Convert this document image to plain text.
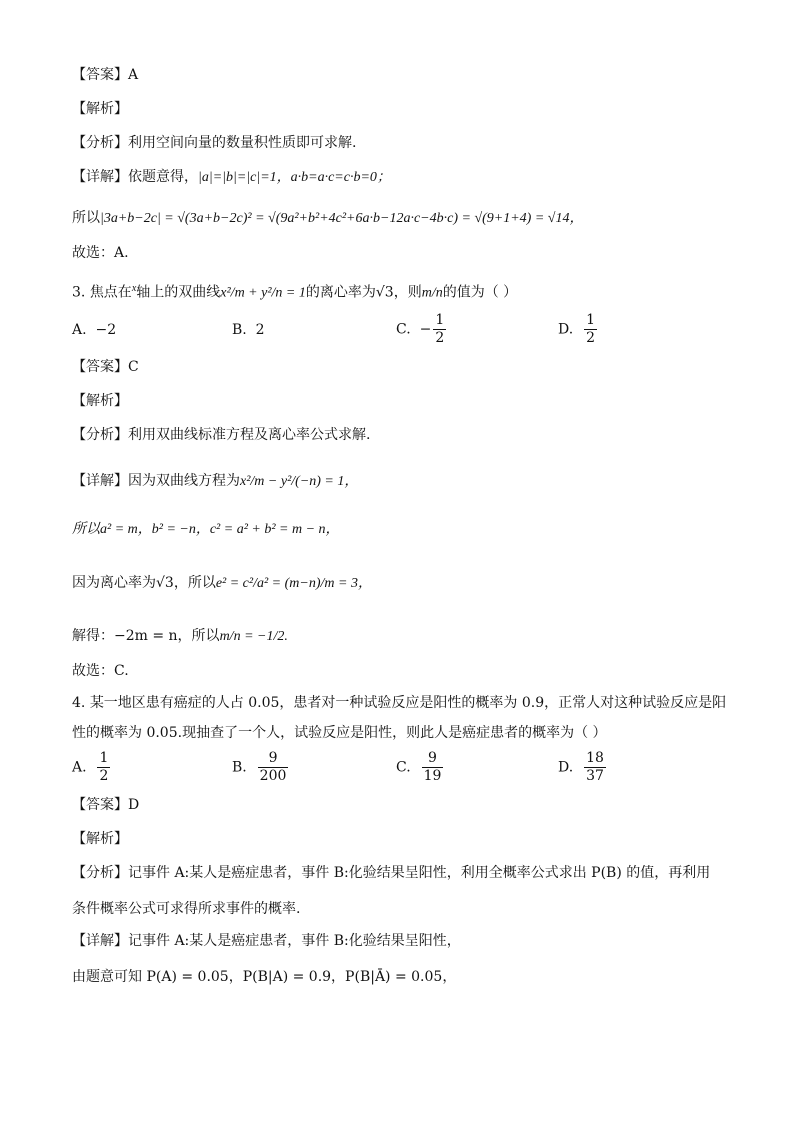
【答案】A
【解析】
【分析】利用空间向量的数量积性质即可求解.
【详解】依题意得，|a|=|b|=|c|=1，a·b=a·c=c·b=0；
所以|3a+b−2c| = √(3a+b−2c)² = √(9a²+b²+4c²+6a·b−12a·c−4b·c) = √(9+1+4) = √14，
故选：A.
3. 焦点在$^x$轴上的双曲线x²/m + y²/n = 1的离心率为√3，则m/n的值为（ ）
A. −2	B. 2	C. − $\frac{1}{2}$	D. $\frac{1}{2}$
【答案】C
【解析】
【分析】利用双曲线标准方程及离心率公式求解.
【详解】因为双曲线方程为x²/m − y²/(−n) = 1，
所以a² = m，b² = −n，c² = a² + b² = m − n，
因为离心率为√3，所以e² = c²/a² = (m−n)/m = 3，
解得：−2m = n，所以m/n = −1/2.
故选：C.
4. 某一地区患有癌症的人占 0.05，患者对一种试验反应是阳性的概率为 0.9，正常人对这种试验反应是阳
性的概率为 0.05.现抽查了一个人，试验反应是阳性，则此人是癌症患者的概率为（ ）
A. $\frac{1}{2}$	B. $\frac{9}{200}$	C. $\frac{9}{19}$	D. $\frac{18}{37}$
【答案】D
【解析】
【分析】记事件 A:某人是癌症患者，事件 B:化验结果呈阳性，利用全概率公式求出 P(B) 的值，再利用
条件概率公式可求得所求事件的概率.
【详解】记事件 A:某人是癌症患者，事件 B:化验结果呈阳性，
由题意可知 P(A) = 0.05，P(B|A) = 0.9，P(B|Ā) = 0.05，
